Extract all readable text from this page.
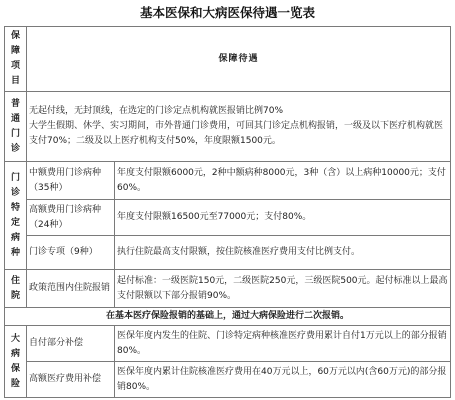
基本医保和大病医保待遇一览表
保障项目	保障待遇	
普通门诊	无起付线，无封顶线，在选定的门诊定点机构就医报销比例70%
大学生假期、休学、实习期间，市外普通门诊费用，可回其门诊定点机构报销，一级及以下医疗机构就医支付70%；二级及以上医疗机构支付50%，年度限额1500元。	

门诊特定病种	中额费用门诊病种（35种）	年度支付限额6000元，2种中额病种8000元，3种（含）以上病种10000元；支付60%。
	高额费用门诊病种（24种）	年度支付限额16500元至77000元；支付80%。
	门诊专项（9种）	执行住院最高支付限额，按住院核准医疗费用支付比例支付。
住院	政策范围内住院报销	起付标准：一级医院150元，二级医院250元，三级医院500元。起付标准以上最高支付限额以下部分报销90%。
在基本医疗保险报销的基础上，通过大病保险进行二次报销。		
大病保险	自付部分补偿	医保年度内发生的住院、门诊特定病种核准医疗费用累计自付1万元以上的部分报销80%。
	高额医疗费用补偿	医保年度内累计住院核准医疗费用在40万元以上，60万元以内(含60万元)的部分报销80%。
